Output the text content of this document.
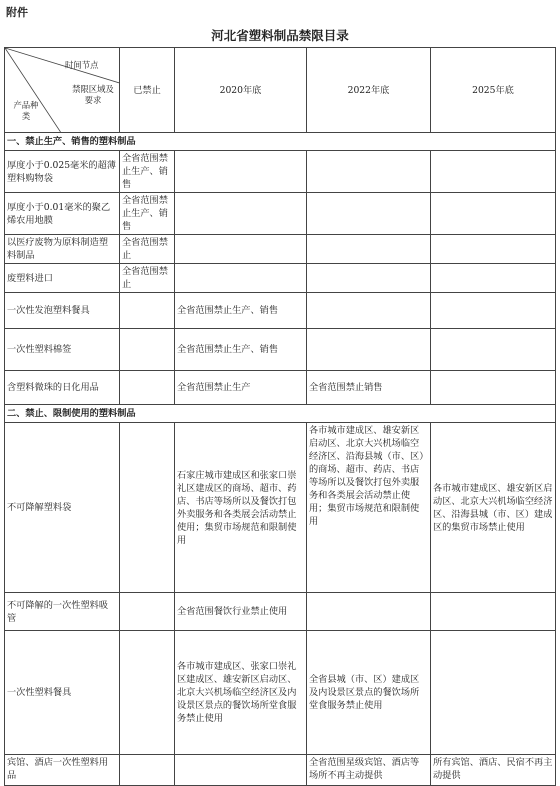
附件
河北省塑料制品禁限目录
时间节点
禁限区域及要求
产品种类	已禁止	2020年底	2022年底	2025年底
一、禁止生产、销售的塑料制品				
厚度小于0.025毫米的超薄塑料购物袋	全省范围禁止生产、销售			
厚度小于0.01毫米的聚乙烯农用地膜	全省范围禁止生产、销售			
以医疗废物为原料制造塑料制品	全省范围禁止			
废塑料进口	全省范围禁止			
一次性发泡塑料餐具		全省范围禁止生产、销售		
一次性塑料棉签		全省范围禁止生产、销售		
含塑料微珠的日化用品		全省范围禁止生产	全省范围禁止销售	
二、禁止、限制使用的塑料制品				
不可降解塑料袋		石家庄城市建成区和张家口崇礼区建成区的商场、超市、药店、书店等场所以及餐饮打包外卖服务和各类展会活动禁止使用；集贸市场规范和限制使用	各市城市建成区、雄安新区启动区、北京大兴机场临空经济区、沿海县城（市、区）的商场、超市、药店、书店等场所以及餐饮打包外卖服务和各类展会活动禁止使用；集贸市场规范和限制使用	各市城市建成区、雄安新区启动区、北京大兴机场临空经济区、沿海县城（市、区）建成区的集贸市场禁止使用
不可降解的一次性塑料吸管		全省范围餐饮行业禁止使用		
一次性塑料餐具		各市城市建成区、张家口崇礼区建成区、雄安新区启动区、北京大兴机场临空经济区及内设景区景点的餐饮场所堂食服务禁止使用	全省县城（市、区）建成区及内设景区景点的餐饮场所堂食服务禁止使用	
宾馆、酒店一次性塑料用品			全省范围星级宾馆、酒店等场所不再主动提供	所有宾馆、酒店、民宿不再主动提供
